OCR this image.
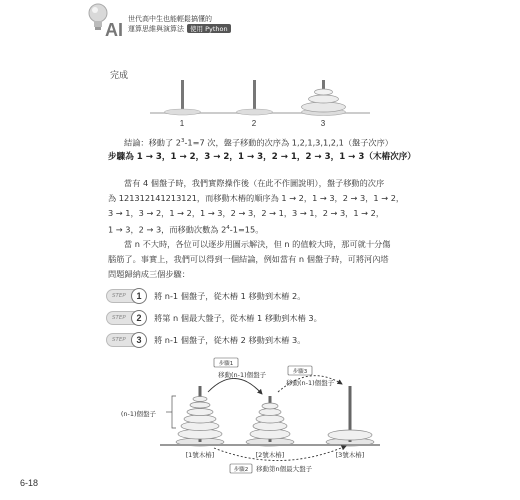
AI
世代高中生也能輕鬆搞懂的
運算思維與演算法 使用 Python
完成
1	2	3
結論：移動了 $2^3-1=7$ 次，盤子移動的次序為 1,2,1,3,1,2,1（盤子次序）
步驟為 1 → 3，1 → 2，3 → 2，1 → 3，2 → 1，2 → 3，1 → 3（木樁次序）
當有 4 個盤子時，我們實際操作後（在此不作圖說明），盤子移動的次序
為 121312141213121，而移動木樁的順序為 1 → 2，1 → 3，2 → 3，1 → 2，
3 → 1，3 → 2，1 → 2，1 → 3，2 → 3，2 → 1，3 → 1，2 → 3，1 → 2，
1 → 3，2 → 3，而移動次數為 $2^4-1=15$。
當 n 不大時，各位可以逐步用圖示解決，但 n 的值較大時，那可就十分傷
腦筋了。事實上，我們可以得到一個結論，例如當有 n 個盤子時，可將河內塔
問題歸納成三個步驟：
STEP	1	將 n-1 個盤子，從木樁 1 移動到木樁 2。
STEP	2	將第 n 個最大盤子，從木樁 1 移動到木樁 3。
STEP	3	將 n-1 個盤子，從木樁 2 移動到木樁 3。
(n-1)個盤子
步驟1
移動(n-1)個盤子	步驟3
移動(n-1)個盤子
步驟2 移動第n個最大盤子
[1號木樁]	[2號木樁]	[3號木樁]
6-18
